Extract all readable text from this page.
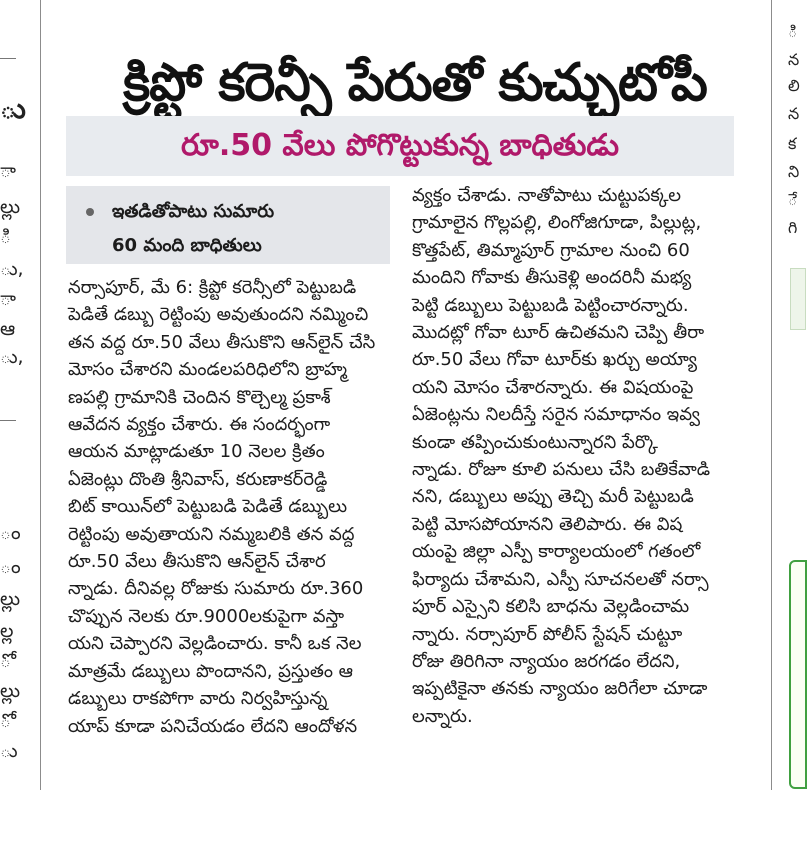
ు
ా
ల్లు
ి
ు,
ా
ఆ
ు,
ం
ం
ల్లు
ల్ల
ో
ల్లు
ో
ు
క్రిప్టో కరెన్సీ పేరుతో కుచ్చుటోపీ
రూ.50 వేలు పోగొట్టుకున్న బాధితుడు
ఇతడితోపాటు సుమారు
60 మంది బాధితులు
నర్సాపూర్, మే 6: క్రిప్టో కరెన్సీలో పెట్టుబడి
పెడితే డబ్బు రెట్టింపు అవుతుందని నమ్మించి
తన వద్ద రూ.50 వేలు తీసుకొని ఆన్‌లైన్ చేసి
మోసం చేశారని మండలపరిధిలోని బ్రాహ్మ
ణపల్లి గ్రామానికి చెందిన కొల్చెల్మ ప్రకాశ్
ఆవేదన వ్యక్తం చేశారు. ఈ సందర్భంగా
ఆయన మాట్లాడుతూ 10 నెలల క్రితం
ఏజెంట్లు దొంతి శ్రీనివాస్, కరుణాకర్‌రెడ్డి
బిట్ కాయిన్‌లో పెట్టుబడి పెడితే డబ్బులు
రెట్టింపు అవుతాయని నమ్మబలికి తన వద్ద
రూ.50 వేలు తీసుకొని ఆన్‌లైన్ చేశార
న్నాడు. దీనివల్ల రోజుకు సుమారు రూ.360
చొప్పున నెలకు రూ.9000లకుపైగా వస్తా
యని చెప్పారని వెల్లడించారు. కానీ ఒక నెల
మాత్రమే డబ్బులు పొందానని, ప్రస్తుతం ఆ
డబ్బులు రాకపోగా వారు నిర్వహిస్తున్న
యాప్ కూడా పనిచేయడం లేదని ఆందోళన
వ్యక్తం చేశాడు. నాతోపాటు చుట్టుపక్కల
గ్రామాలైన గొల్లపల్లి, లింగోజిగూడా, పిల్లుట్ల,
కొత్తపేట్, తిమ్మాపూర్ గ్రామాల నుంచి 60
మందిని గోవాకు తీసుకెళ్లి అందరినీ మభ్య
పెట్టి డబ్బులు పెట్టుబడి పెట్టించారన్నారు.
మొదట్లో గోవా టూర్ ఉచితమని చెప్పి తీరా
రూ.50 వేలు గోవా టూర్‌కు ఖర్చు అయ్యా
యని మోసం చేశారన్నారు. ఈ విషయంపై
ఏజెంట్లను నిలదీస్తే సరైన సమాధానం ఇవ్వ
కుండా తప్పించుకుంటున్నారని పేర్కొ
న్నాడు. రోజూ కూలి పనులు చేసి బతికేవాడి
నని, డబ్బులు అప్పు తెచ్చి మరీ పెట్టుబడి
పెట్టి మోసపోయానని తెలిపారు. ఈ విష
యంపై జిల్లా ఎస్పీ కార్యాలయంలో గతంలో
ఫిర్యాదు చేశామని, ఎస్పీ సూచనలతో నర్సా
పూర్ ఎస్సైని కలిసి బాధను వెల్లడించామ
న్నారు. నర్సాపూర్ పోలీస్ స్టేషన్ చుట్టూ
రోజు తిరిగినా న్యాయం జరగడం లేదని,
ఇప్పటికైనా తనకు న్యాయం జరిగేలా చూడా
లన్నారు.
ి
న
లి
న
క
ని
ే
గి
